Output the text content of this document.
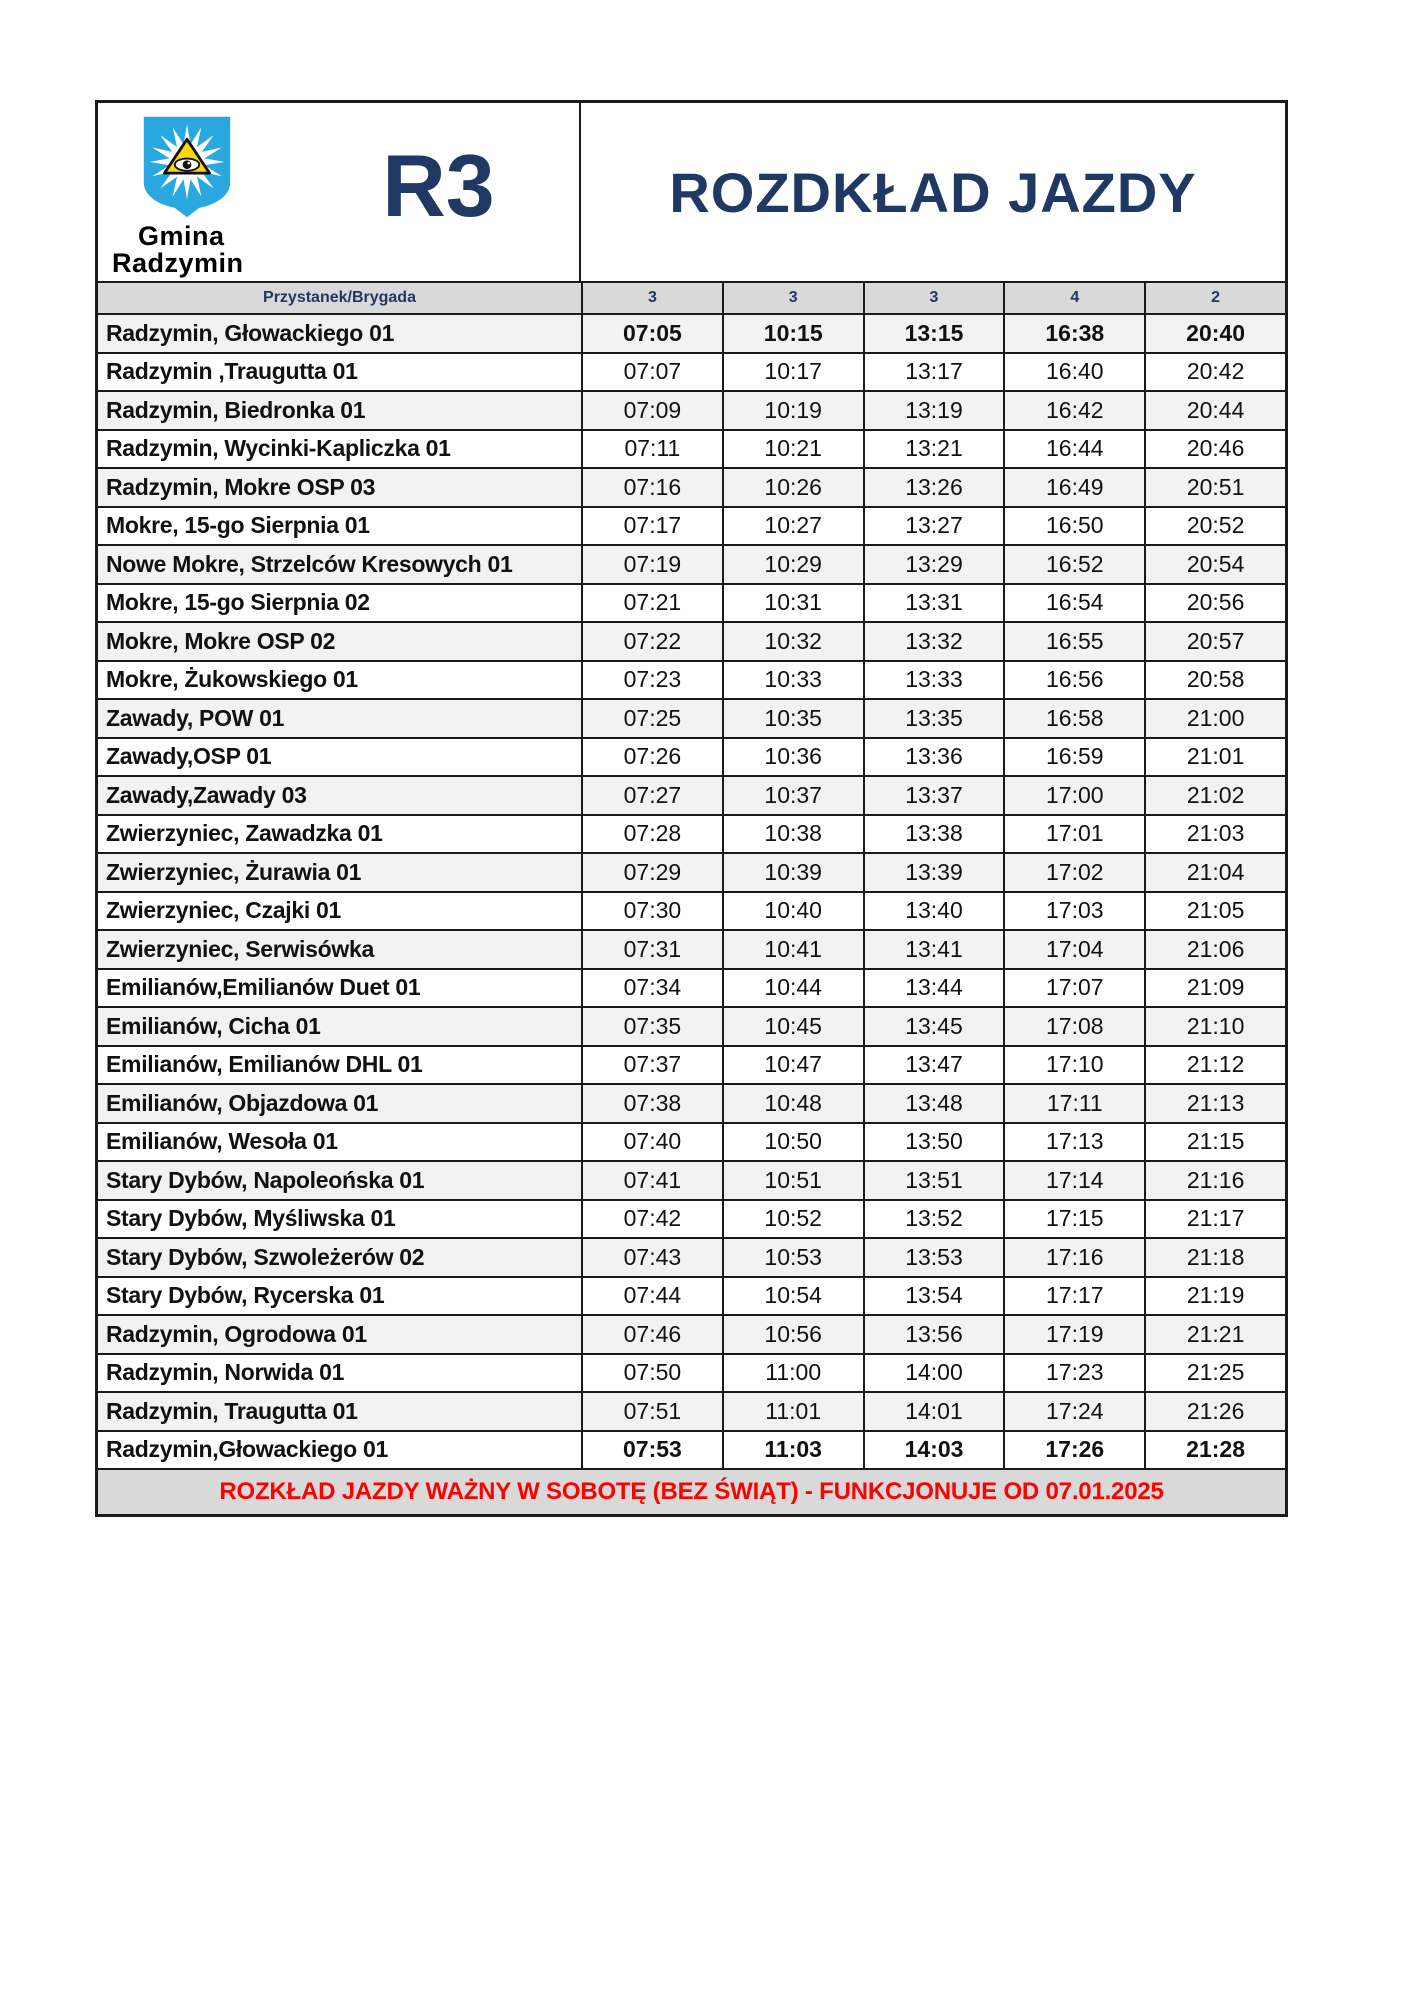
Gmina
Radzymin
R3	ROZDKŁAD JAZDY
Przystanek/Brygada	3	3	3	4	2
Radzymin, Głowackiego 01	07:05	10:15	13:15	16:38	20:40
Radzymin ,Traugutta 01	07:07	10:17	13:17	16:40	20:42
Radzymin, Biedronka 01	07:09	10:19	13:19	16:42	20:44
Radzymin, Wycinki-Kapliczka 01	07:11	10:21	13:21	16:44	20:46
Radzymin, Mokre OSP 03	07:16	10:26	13:26	16:49	20:51
Mokre, 15-go Sierpnia 01	07:17	10:27	13:27	16:50	20:52
Nowe Mokre, Strzelców Kresowych 01	07:19	10:29	13:29	16:52	20:54
Mokre, 15-go Sierpnia 02	07:21	10:31	13:31	16:54	20:56
Mokre, Mokre OSP 02	07:22	10:32	13:32	16:55	20:57
Mokre, Żukowskiego 01	07:23	10:33	13:33	16:56	20:58
Zawady, POW 01	07:25	10:35	13:35	16:58	21:00
Zawady,OSP 01	07:26	10:36	13:36	16:59	21:01
Zawady,Zawady 03	07:27	10:37	13:37	17:00	21:02
Zwierzyniec, Zawadzka 01	07:28	10:38	13:38	17:01	21:03
Zwierzyniec, Żurawia 01	07:29	10:39	13:39	17:02	21:04
Zwierzyniec, Czajki 01	07:30	10:40	13:40	17:03	21:05
Zwierzyniec, Serwisówka	07:31	10:41	13:41	17:04	21:06
Emilianów,Emilianów Duet 01	07:34	10:44	13:44	17:07	21:09
Emilianów, Cicha 01	07:35	10:45	13:45	17:08	21:10
Emilianów, Emilianów DHL 01	07:37	10:47	13:47	17:10	21:12
Emilianów, Objazdowa 01	07:38	10:48	13:48	17:11	21:13
Emilianów, Wesoła 01	07:40	10:50	13:50	17:13	21:15
Stary Dybów, Napoleońska 01	07:41	10:51	13:51	17:14	21:16
Stary Dybów, Myśliwska 01	07:42	10:52	13:52	17:15	21:17
Stary Dybów, Szwoleżerów 02	07:43	10:53	13:53	17:16	21:18
Stary Dybów, Rycerska 01	07:44	10:54	13:54	17:17	21:19
Radzymin, Ogrodowa 01	07:46	10:56	13:56	17:19	21:21
Radzymin, Norwida 01	07:50	11:00	14:00	17:23	21:25
Radzymin, Traugutta 01	07:51	11:01	14:01	17:24	21:26
Radzymin,Głowackiego 01	07:53	11:03	14:03	17:26	21:28
ROZKŁAD JAZDY WAŻNY W SOBOTĘ (BEZ ŚWIĄT) - FUNKCJONUJE OD 07.01.2025
